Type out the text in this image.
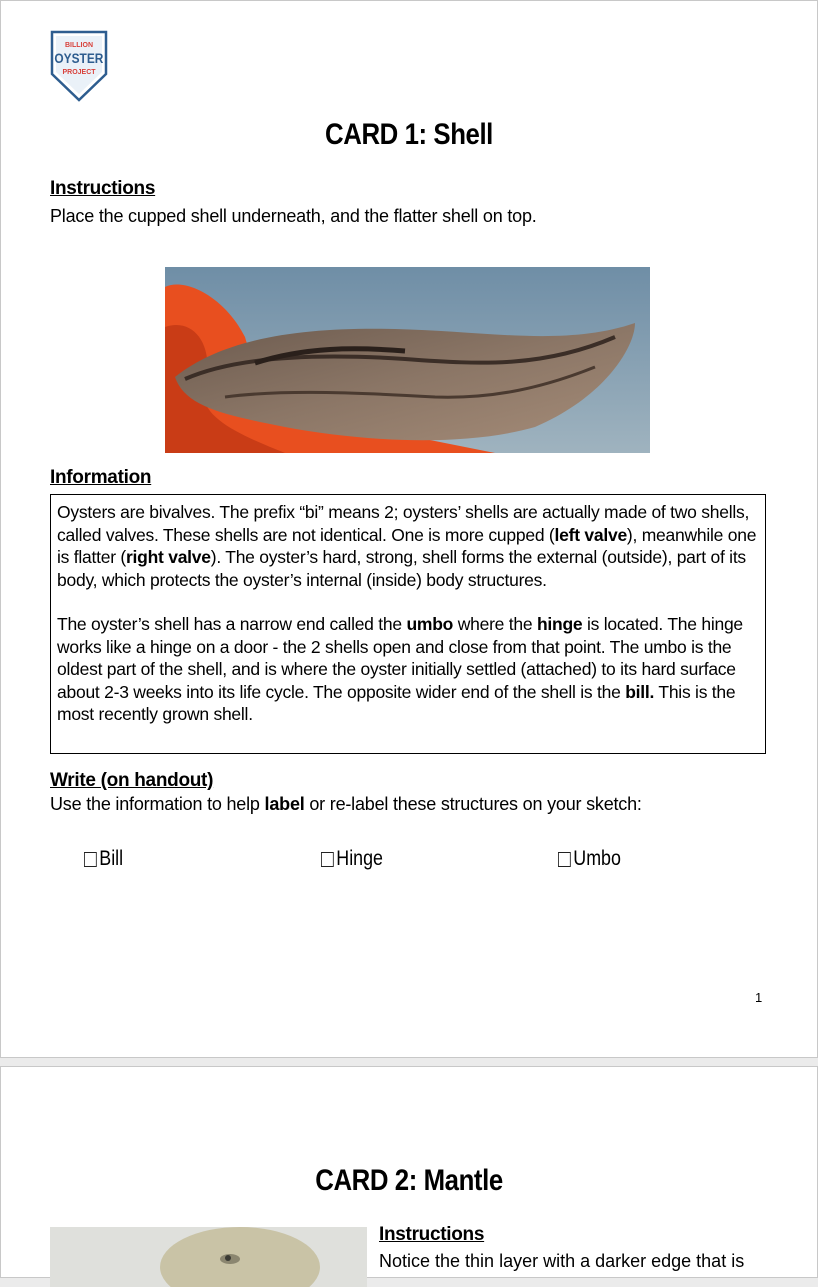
BILLION
OYSTER
PROJECT
CARD 1: Shell
Instructions
Place the cupped shell underneath, and the flatter shell on top.
Information

Oysters are bivalves. The prefix “bi” means 2; oysters’ shells are actually made of two shells, called valves. These shells are not identical. One is more cupped (left valve), meanwhile one is flatter (right valve). The oyster’s hard, strong, shell forms the external (outside), part of its body, which protects the oyster’s internal (inside) body structures.

The oyster’s shell has a narrow end called the umbo where the hinge is located. The hinge works like a hinge on a door - the 2 shells open and close from that point. The umbo is the oldest part of the shell, and is where the oyster initially settled (attached) to its hard surface about 2-3 weeks into its life cycle. The opposite wider end of the shell is the bill. This is the most recently grown shell.

Write (on handout)
Use the information to help label or re-label these structures on your sketch:
Bill	Hinge	Umbo
1
CARD 2: Mantle
Instructions
Notice the thin layer with a darker edge that is
